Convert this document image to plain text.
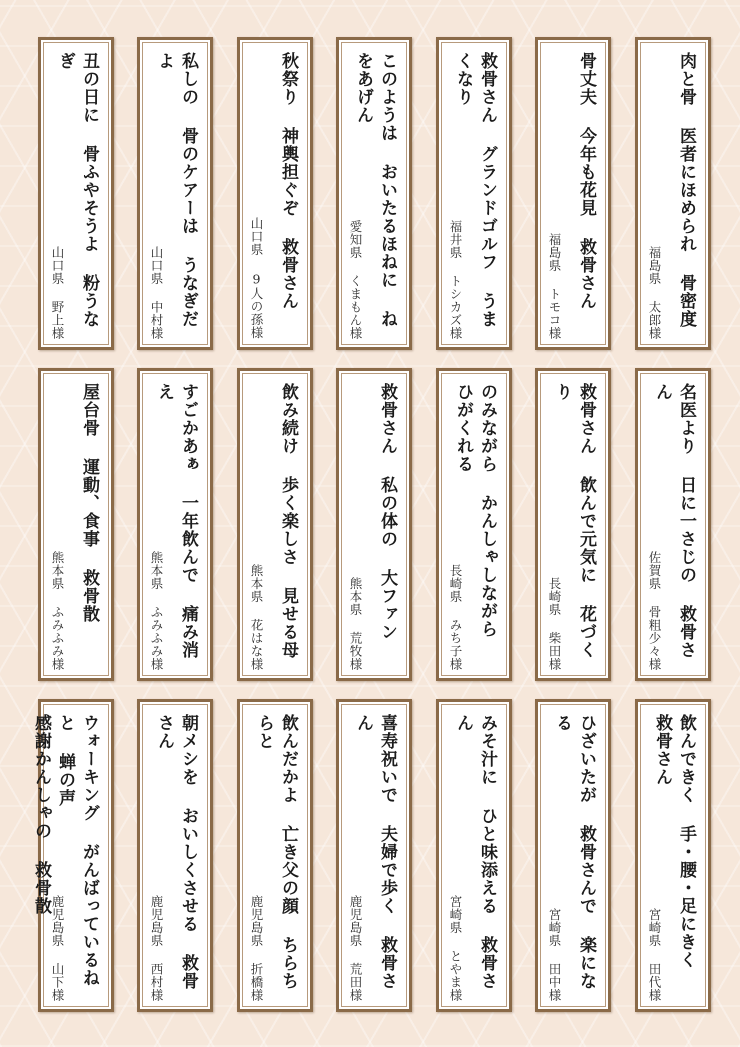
丑の日に 骨ふやそうよ 粉うなぎ
山口県 野上様	私しの 骨のケアーは うなぎだよ
山口県 中村様	秋祭り 神輿担ぐぞ 救骨さん
山口県 9人の孫様	このようは おいたるほねに ねをあげん
愛知県 くまもん様	救骨さん グランドゴルフ うまくなり
福井県 トシカズ様	骨丈夫 今年も花見 救骨さん
福島県 トモコ様	肉と骨 医者にほめられ 骨密度
福島県 太郎様
屋台骨 運動、食事 救骨散
熊本県 ふみふみ様	すごかあぁ 一年飲んで 痛み消え
熊本県 ふみふみ様	飲み続け 歩く楽しさ 見せる母
熊本県 花はな様	救骨さん 私の体の 大ファン
熊本県 荒牧様
のみながら かんしゃしながら
ひがくれる
長崎県 みち子様	救骨さん 飲んで元気に 花づくり
長崎県 柴田様	名医より 日に一さじの 救骨さん
佐賀県 骨粗少々様
ウォーキング がんばっているねと 蝉の声
感謝かんしゃの 救骨散
鹿児島県 山下様	朝メシを おいしくさせる 救骨さん
鹿児島県 西村様	飲んだかよ 亡き父の顔 ちらちらと
鹿児島県 折橋様	喜寿祝いで 夫婦で歩く 救骨さん
鹿児島県 荒田様	みそ汁に ひと味添える 救骨さん
宮崎県 とやま様	ひざいたが 救骨さんで 楽になる
宮崎県 田中様	飲んできく 手・腰・足にきく 救骨さん
宮崎県 田代様
